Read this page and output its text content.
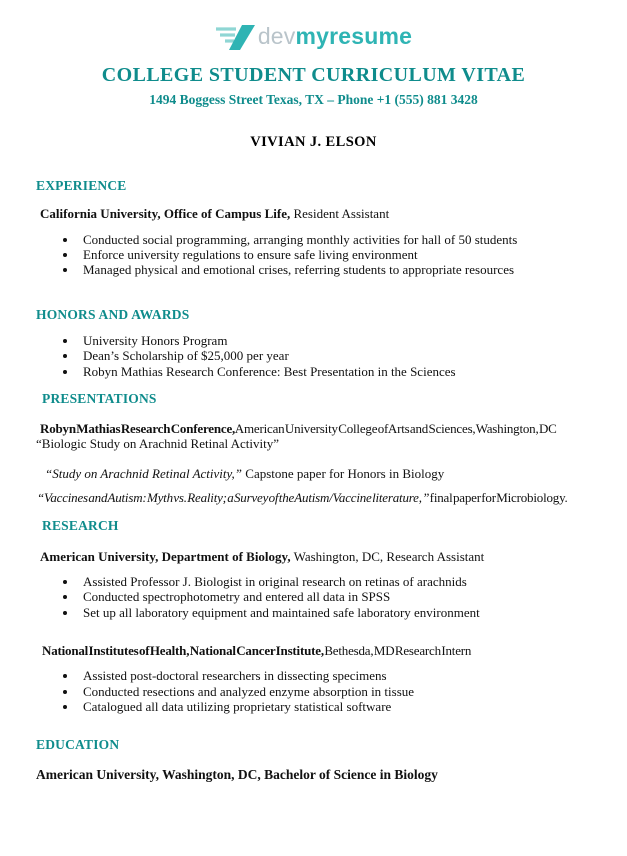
devmyresume
COLLEGE STUDENT CURRICULUM VITAE
1494 Boggess Street Texas, TX – Phone +1 (555) 881 3428
VIVIAN J. ELSON
EXPERIENCE
California University, Office of Campus Life, Resident Assistant
• Conducted social programming, arranging monthly activities for hall of 50 students
• Enforce university regulations to ensure safe living environment
• Managed physical and emotional crises, referring students to appropriate resources
HONORS AND AWARDS
• University Honors Program
• Dean’s Scholarship of $25,000 per year
• Robyn Mathias Research Conference: Best Presentation in the Sciences
PRESENTATIONS
Robyn Mathias Research Conference, American University College of Arts and Sciences, Washington, DC
“Biologic Study on Arachnid Retinal Activity”
“Study on Arachnid Retinal Activity,” Capstone paper for Honors in Biology
“Vaccines and Autism: Myth vs. Reality; a Survey of the Autism/Vaccine literature, ” final paper for Microbiology.
RESEARCH
American University, Department of Biology, Washington, DC, Research Assistant
• Assisted Professor J. Biologist in original research on retinas of arachnids
• Conducted spectrophotometry and entered all data in SPSS
• Set up all laboratory equipment and maintained safe laboratory environment
National Institutes of Health, National Cancer Institute, Bethesda, MD Research Intern
• Assisted post-doctoral researchers in dissecting specimens
• Conducted resections and analyzed enzyme absorption in tissue
• Catalogued all data utilizing proprietary statistical software
EDUCATION
American University, Washington, DC, Bachelor of Science in Biology
